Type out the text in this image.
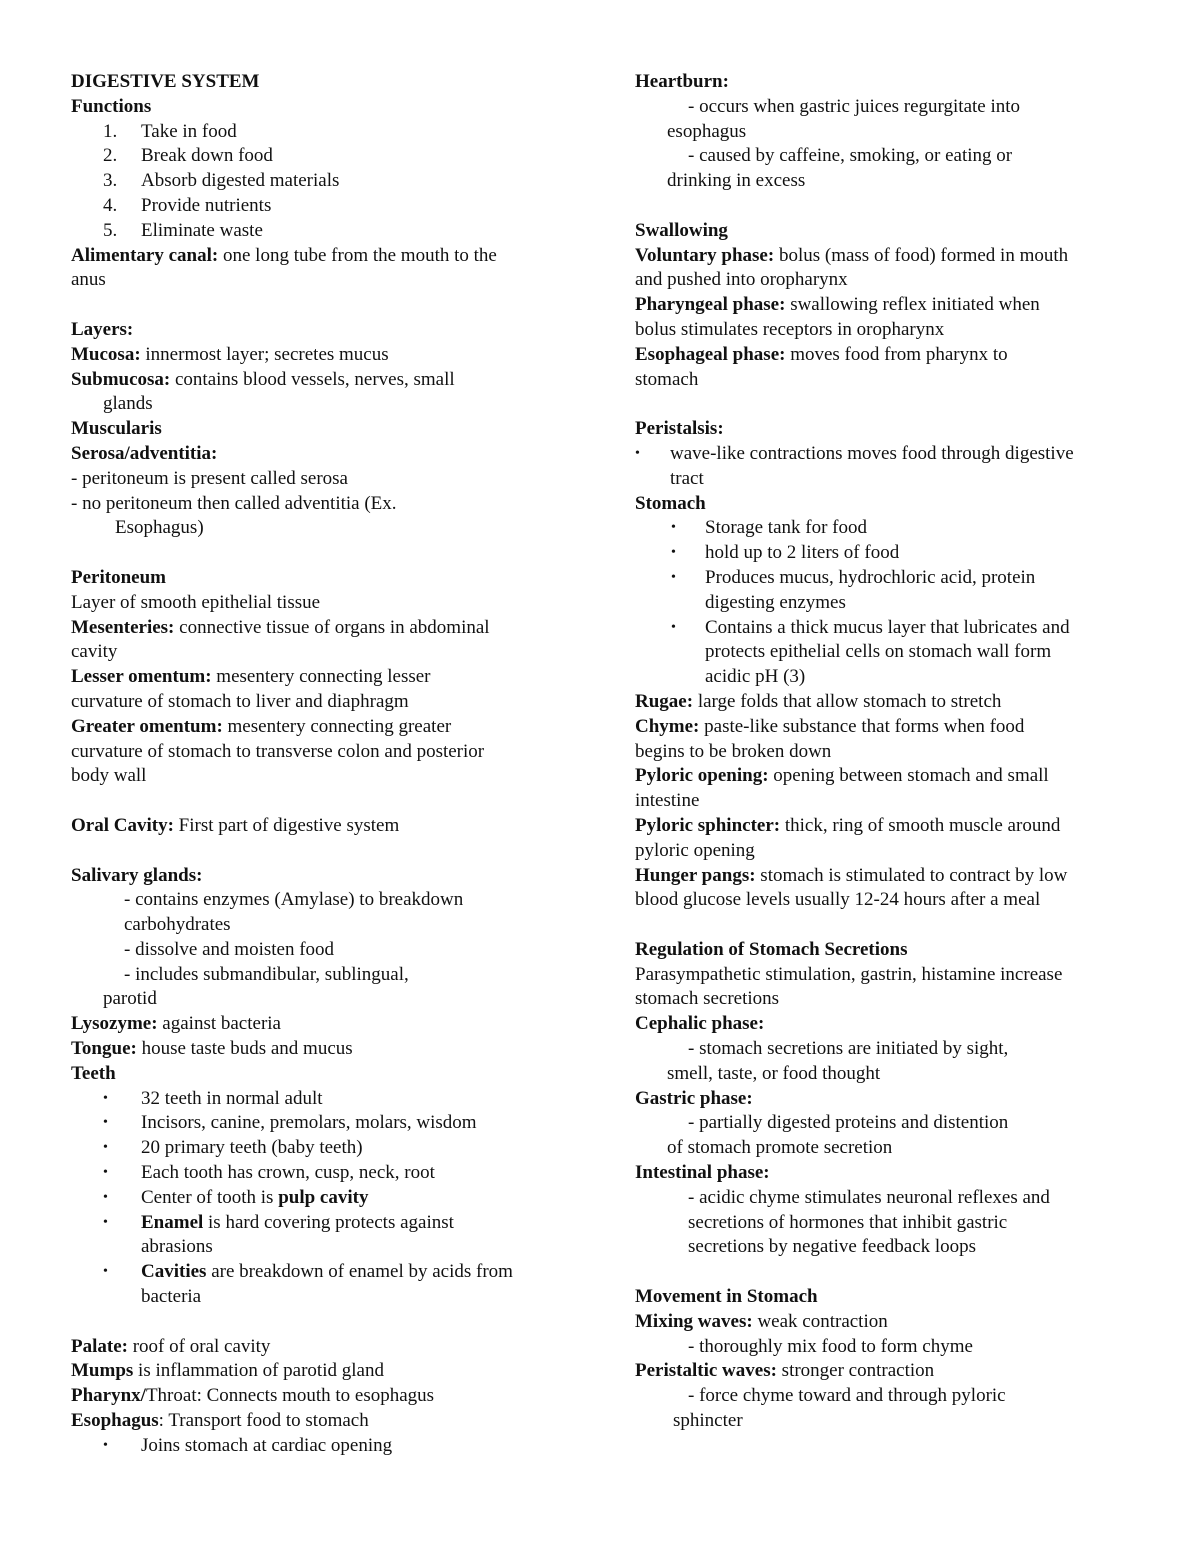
DIGESTIVE SYSTEM
Functions
1.	Take in food
2.	Break down food
3.	Absorb digested materials
4.	Provide nutrients
5.	Eliminate waste
Alimentary canal: one long tube from the mouth to the
anus
Layers:
Mucosa: innermost layer; secretes mucus
Submucosa: contains blood vessels, nerves, small
glands
Muscularis
Serosa/adventitia:
- peritoneum is present called serosa
- no peritoneum then called adventitia (Ex.
Esophagus)
Peritoneum
Layer of smooth epithelial tissue
Mesenteries: connective tissue of organs in abdominal
cavity
Lesser omentum: mesentery connecting lesser
curvature of stomach to liver and diaphragm
Greater omentum: mesentery connecting greater
curvature of stomach to transverse colon and posterior
body wall
Oral Cavity: First part of digestive system
Salivary glands:
- contains enzymes (Amylase) to breakdown
carbohydrates
- dissolve and moisten food
- includes submandibular, sublingual,
parotid
Lysozyme: against bacteria
Tongue: house taste buds and mucus
Teeth
• 32 teeth in normal adult
• Incisors, canine, premolars, molars, wisdom
• 20 primary teeth (baby teeth)
• Each tooth has crown, cusp, neck, root
• Center of tooth is pulp cavity
• Enamel is hard covering protects against
abrasions
• Cavities are breakdown of enamel by acids from
bacteria
Palate: roof of oral cavity
Mumps is inflammation of parotid gland
Pharynx/Throat: Connects mouth to esophagus
Esophagus: Transport food to stomach
• Joins stomach at cardiac opening
Heartburn:
- occurs when gastric juices regurgitate into
esophagus
- caused by caffeine, smoking, or eating or
drinking in excess
Swallowing
Voluntary phase: bolus (mass of food) formed in mouth
and pushed into oropharynx
Pharyngeal phase: swallowing reflex initiated when
bolus stimulates receptors in oropharynx
Esophageal phase: moves food from pharynx to
stomach
Peristalsis:
• wave-like contractions moves food through digestive
tract
Stomach
• Storage tank for food
• hold up to 2 liters of food
• Produces mucus, hydrochloric acid, protein
digesting enzymes
• Contains a thick mucus layer that lubricates and
protects epithelial cells on stomach wall form
acidic pH (3)
Rugae: large folds that allow stomach to stretch
Chyme: paste-like substance that forms when food
begins to be broken down
Pyloric opening: opening between stomach and small
intestine
Pyloric sphincter: thick, ring of smooth muscle around
pyloric opening
Hunger pangs: stomach is stimulated to contract by low
blood glucose levels usually 12-24 hours after a meal
Regulation of Stomach Secretions
Parasympathetic stimulation, gastrin, histamine increase
stomach secretions
Cephalic phase:
- stomach secretions are initiated by sight,
smell, taste, or food thought
Gastric phase:
- partially digested proteins and distention
of stomach promote secretion
Intestinal phase:
- acidic chyme stimulates neuronal reflexes and
secretions of hormones that inhibit gastric
secretions by negative feedback loops
Movement in Stomach
Mixing waves: weak contraction
- thoroughly mix food to form chyme
Peristaltic waves: stronger contraction
- force chyme toward and through pyloric
sphincter
